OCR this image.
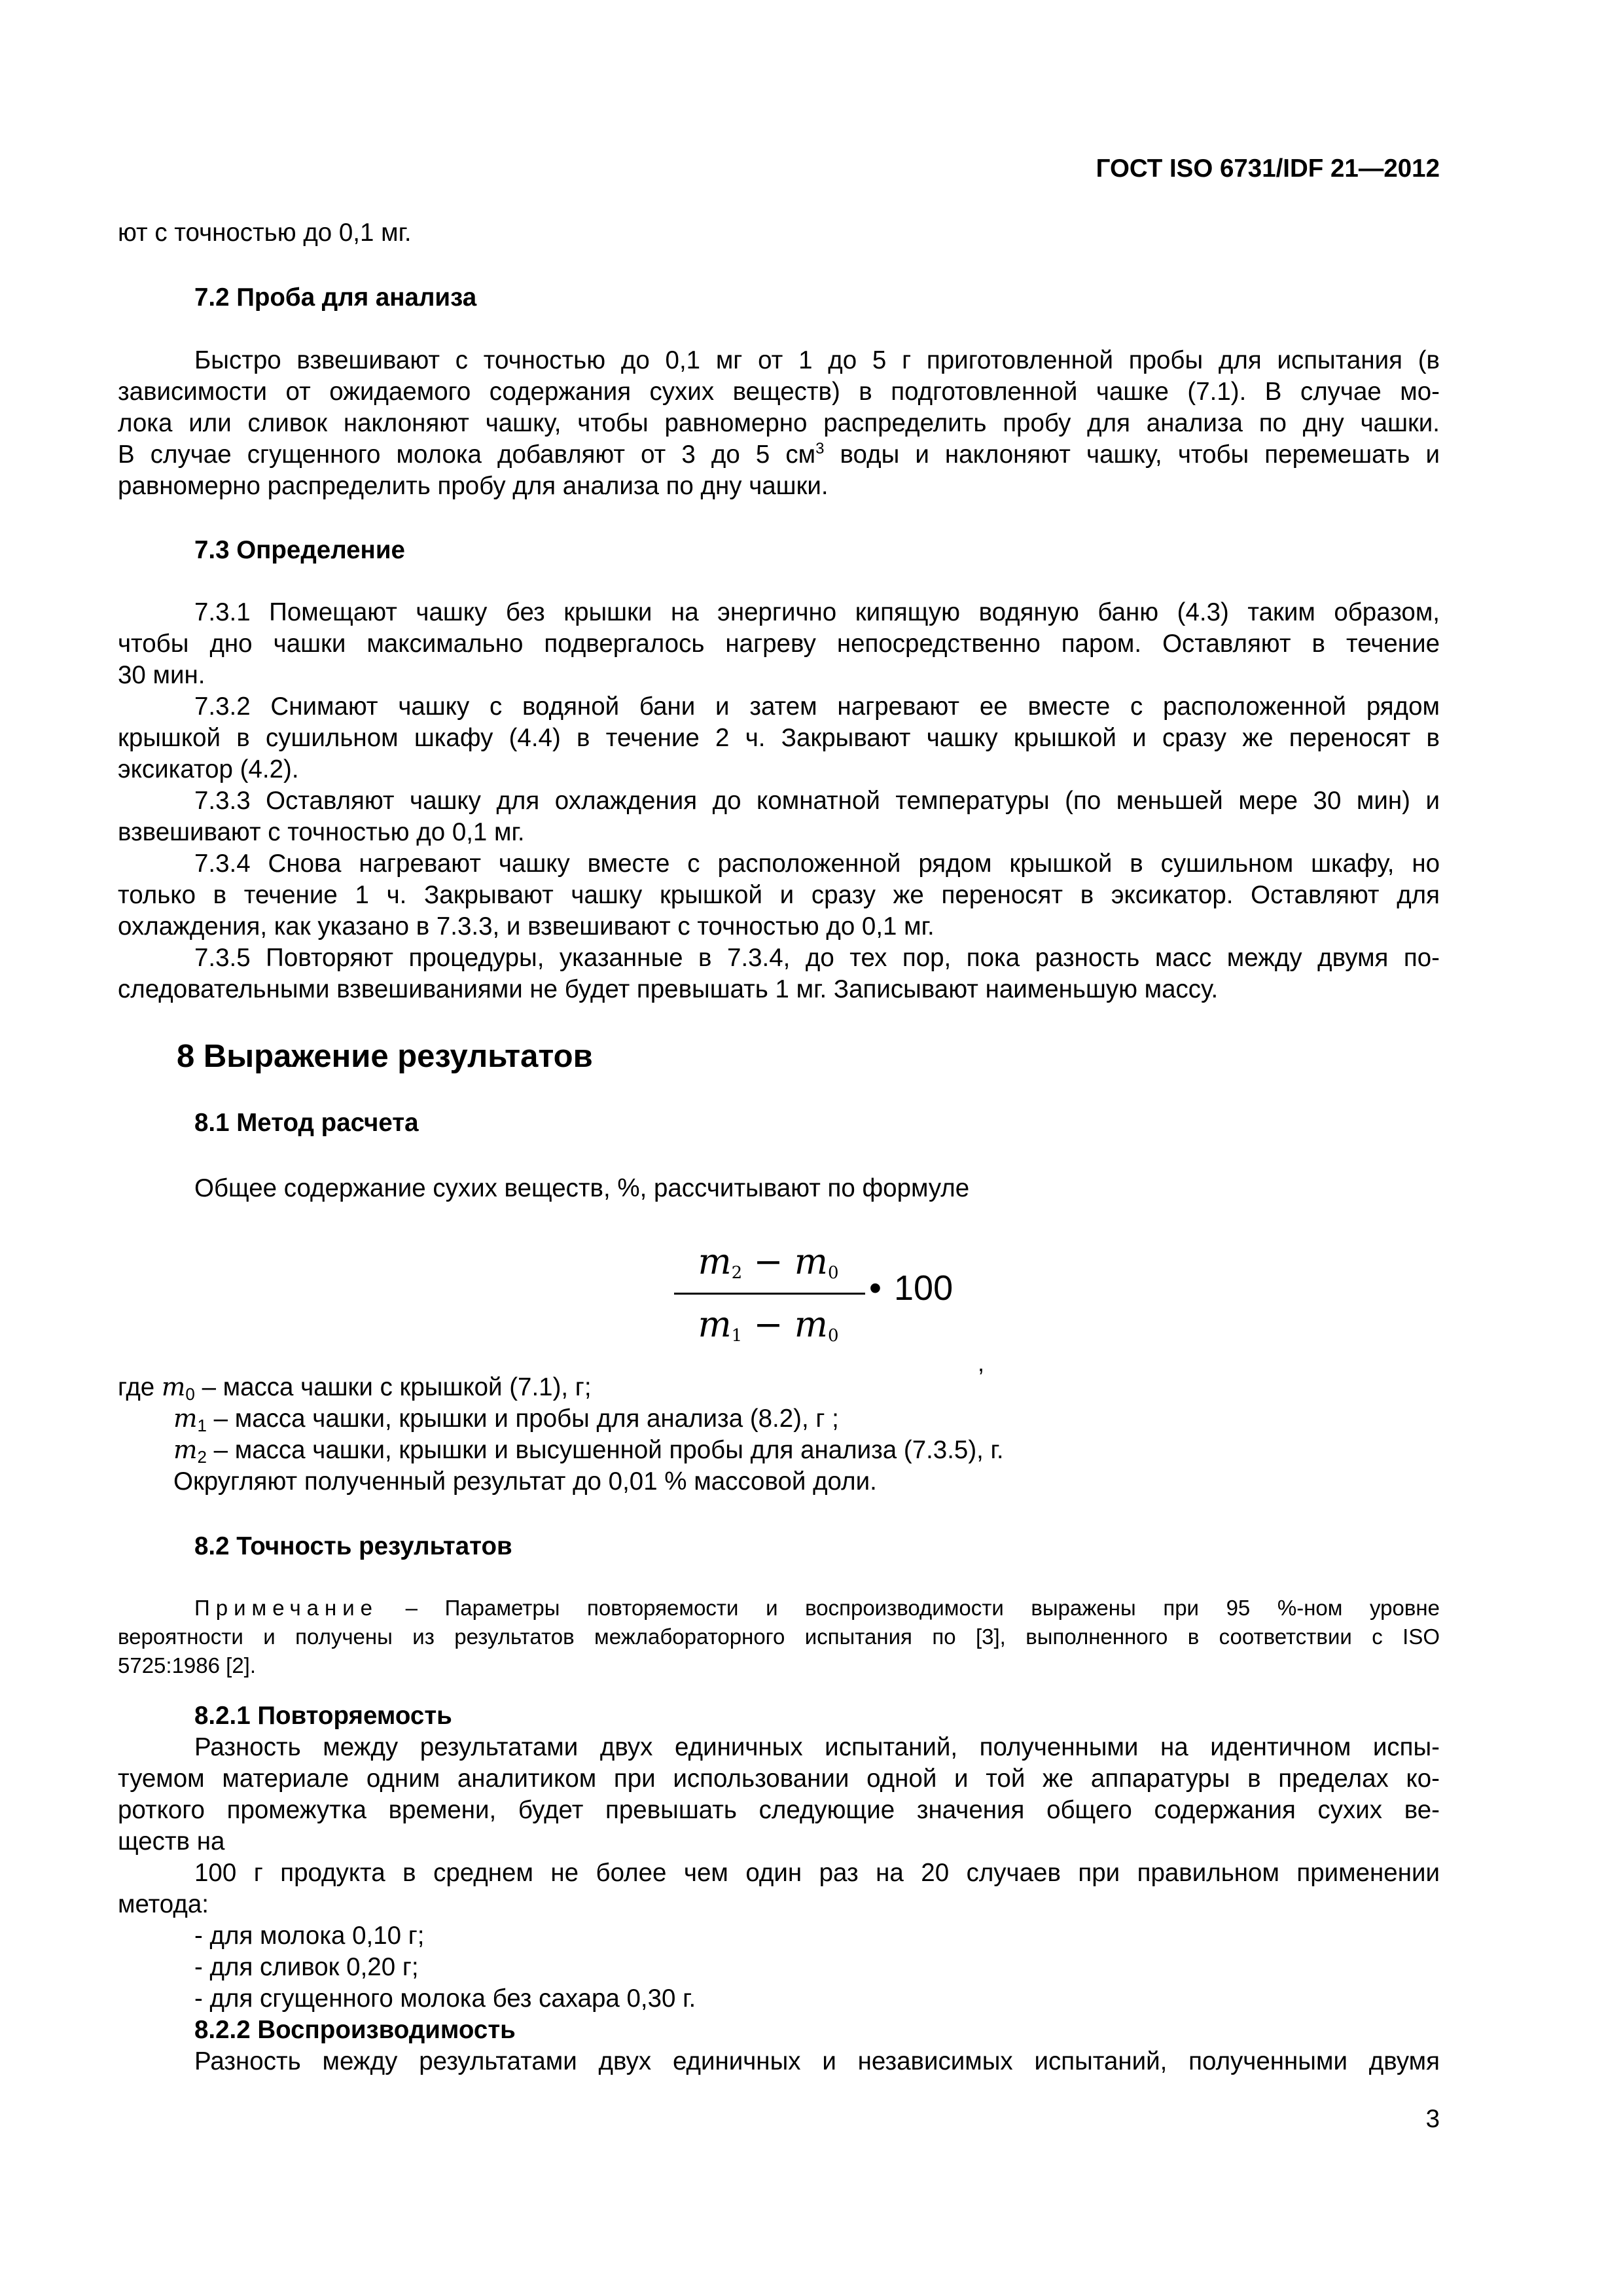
ГОСТ ISO 6731/IDF 21—2012
ют с точностью до 0,1 мг.
7.2 Проба для анализа
Быстро взвешивают с точностью до 0,1 мг от 1 до 5 г приготовленной пробы для испытания (в
зависимости от ожидаемого содержания сухих веществ) в подготовленной чашке (7.1). В случае мо-
лока или сливок наклоняют чашку, чтобы равномерно распределить пробу для анализа по дну чашки.
В случае сгущенного молока добавляют от 3 до 5 $см^3$ воды и наклоняют чашку, чтобы перемешать и
равномерно распределить пробу для анализа по дну чашки.
7.3 Определение
7.3.1 Помещают чашку без крышки на энергично кипящую водяную баню (4.3) таким образом,
чтобы дно чашки максимально подвергалось нагреву непосредственно паром. Оставляют в течение
30 мин.
7.3.2 Снимают чашку с водяной бани и затем нагревают ее вместе с расположенной рядом
крышкой в сушильном шкафу (4.4) в течение 2 ч. Закрывают чашку крышкой и сразу же переносят в
эксикатор (4.2).
7.3.3 Оставляют чашку для охлаждения до комнатной температуры (по меньшей мере 30 мин) и
взвешивают с точностью до 0,1 мг.
7.3.4 Снова нагревают чашку вместе с расположенной рядом крышкой в сушильном шкафу, но
только в течение 1 ч. Закрывают чашку крышкой и сразу же переносят в эксикатор. Оставляют для
охлаждения, как указано в 7.3.3, и взвешивают с точностью до 0,1 мг.
7.3.5 Повторяют процедуры, указанные в 7.3.4, до тех пор, пока разность масс между двумя по-
следовательными взвешиваниями не будет превышать 1 мг. Записывают наименьшую массу.
8 Выражение результатов
8.1 Метод расчета
Общее содержание сухих веществ, %, рассчитывают по формуле
$m_2 - m_0$
$m_1 - m_0$
• 100
,
где $m_0$ – масса чашки с крышкой (7.1), г;
$m_1$ – масса чашки, крышки и пробы для анализа (8.2), г ;
$m_2$ – масса чашки, крышки и высушенной пробы для анализа (7.3.5), г.
Округляют полученный результат до 0,01 % массовой доли.
8.2 Точность результатов
Примечание – Параметры повторяемости и воспроизводимости выражены при 95 %-ном уровне
вероятности и получены из результатов межлабораторного испытания по [3], выполненного в соответствии с ISO
5725:1986 [2].
8.2.1 Повторяемость
Разность между результатами двух единичных испытаний, полученными на идентичном испы-
туемом материале одним аналитиком при использовании одной и той же аппаратуры в пределах ко-
роткого промежутка времени, будет превышать следующие значения общего содержания сухих ве-
ществ на
100 г продукта в среднем не более чем один раз на 20 случаев при правильном применении
метода:
- для молока 0,10 г;
- для сливок 0,20 г;
- для сгущенного молока без сахара 0,30 г.
8.2.2 Воспроизводимость
Разность между результатами двух единичных и независимых испытаний, полученными двумя
3
